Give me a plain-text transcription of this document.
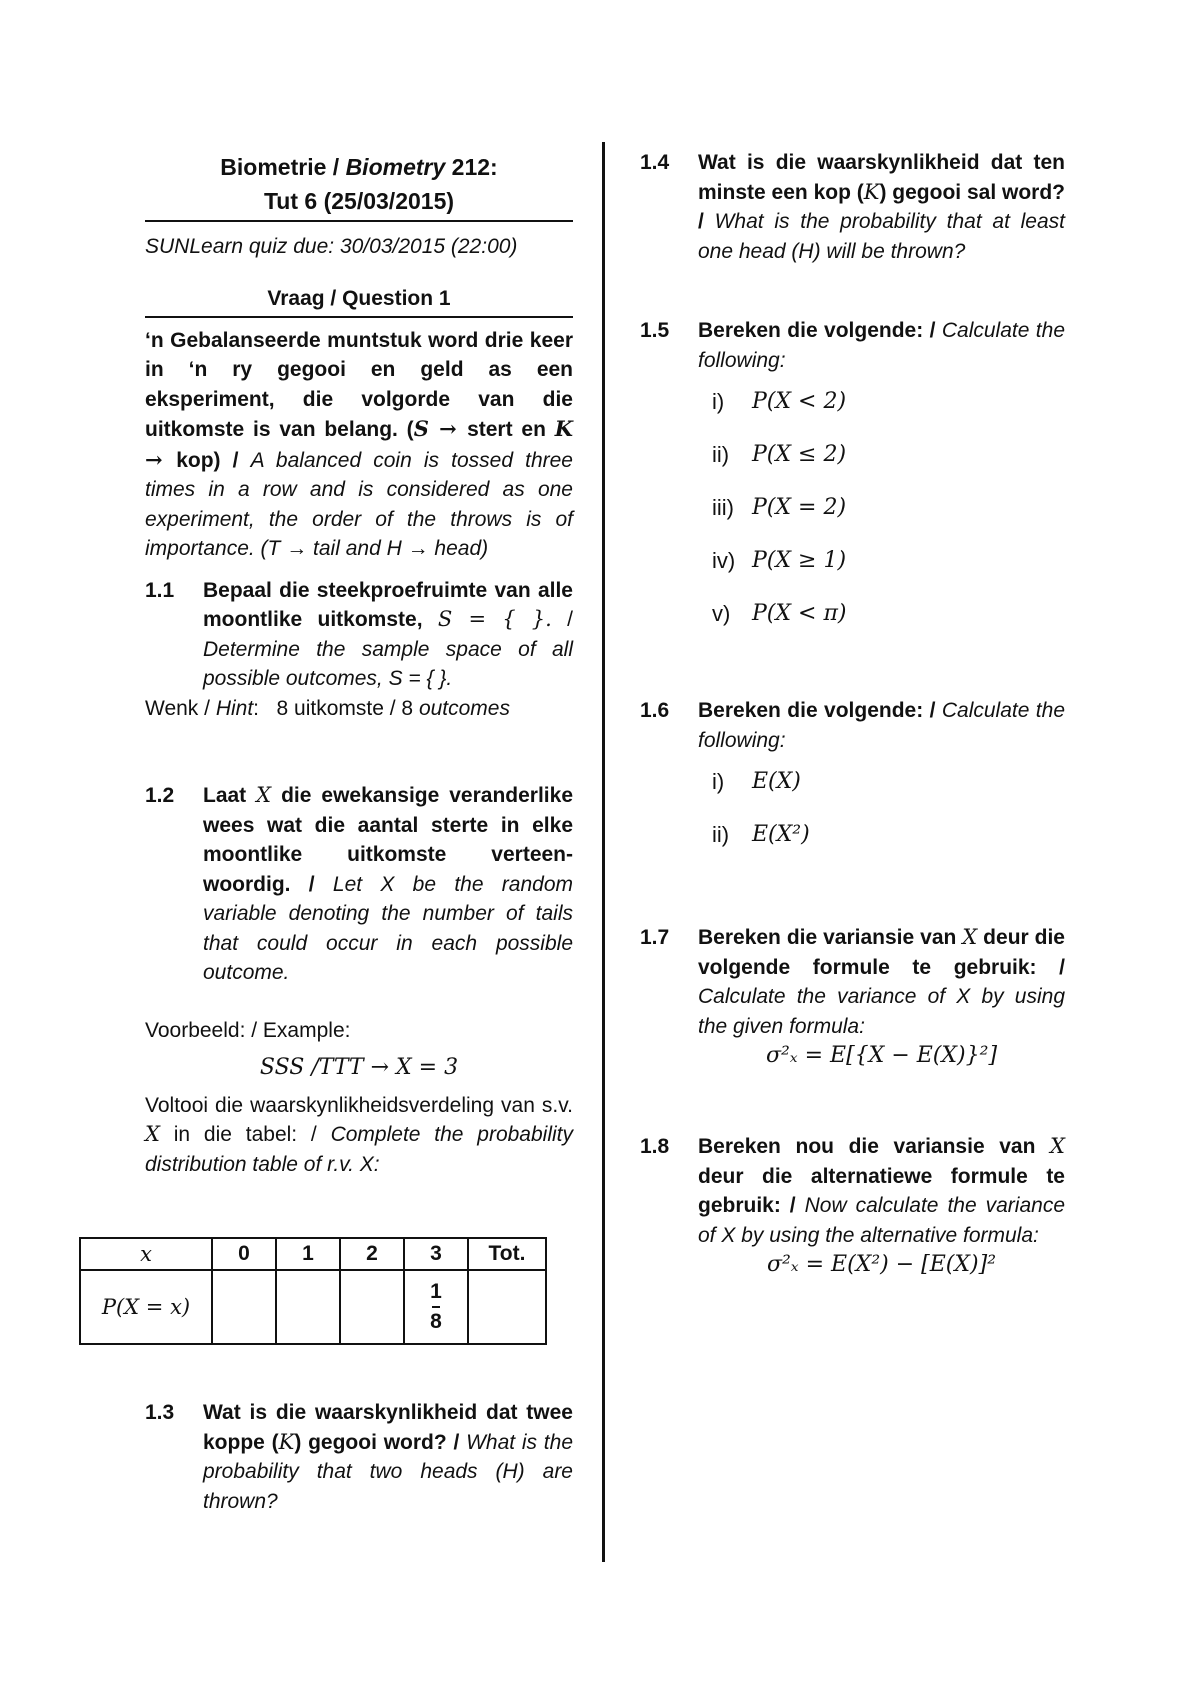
Biometrie / Biometry 212:
Tut 6 (25/03/2015)
SUNLearn quiz due: 30/03/2015 (22:00)
Vraag / Question 1
‘n Gebalanseerde muntstuk word drie keer in ‘n ry gegooi en geld as een eksperiment, die volgorde van die uitkomste is van belang. (S → stert en K → kop) / A balanced coin is tossed three times in a row and is considered as one experiment, the order of the throws is of importance. (T → tail and H → head)
1.1 Bepaal die steekproefruimte van alle moontlike uitkomste, S = { }. / Determine the sample space of all possible outcomes, S = { }.
Wenk / Hint: 8 uitkomste / 8 outcomes
1.2 Laat X die ewekansige veranderlike wees wat die aantal sterte in elke moontlike uitkomste verteen-woordig. / Let X be the random variable denoting the number of tails that could occur in each possible outcome.
Voorbeeld: / Example:
SSS /TTT → X = 3
Voltooi die waarskynlikheidsverdeling van s.v. X in die tabel: / Complete the probability distribution table of r.v. X:
x	0	1	2	3	Tot.
P(X = x)				$\frac{1}{8}$

1.3 Wat is die waarskynlikheid dat twee koppe (K) gegooi word? / What is the probability that two heads (H) are thrown?
1.4 Wat is die waarskynlikheid dat ten minste een kop (K) gegooi sal word? / What is the probability that at least one head (H) will be thrown?
1.5 Bereken die volgende: / Calculate the following:
i) P(X < 2)
ii) P(X ≤ 2)
iii) P(X = 2)
iv) P(X ≥ 1)
v) P(X < π)
1.6 Bereken die volgende: / Calculate the following:
i) E(X)
ii) E(X²)
1.7 Bereken die variansie van X deur die volgende formule te gebruik: / Calculate the variance of X by using the given formula:
σ²ₓ = E[{X − E(X)}²]
1.8 Bereken nou die variansie van X deur die alternatiewe formule te gebruik: / Now calculate the variance of X by using the alternative formula:
σ²ₓ = E(X²) − [E(X)]²
